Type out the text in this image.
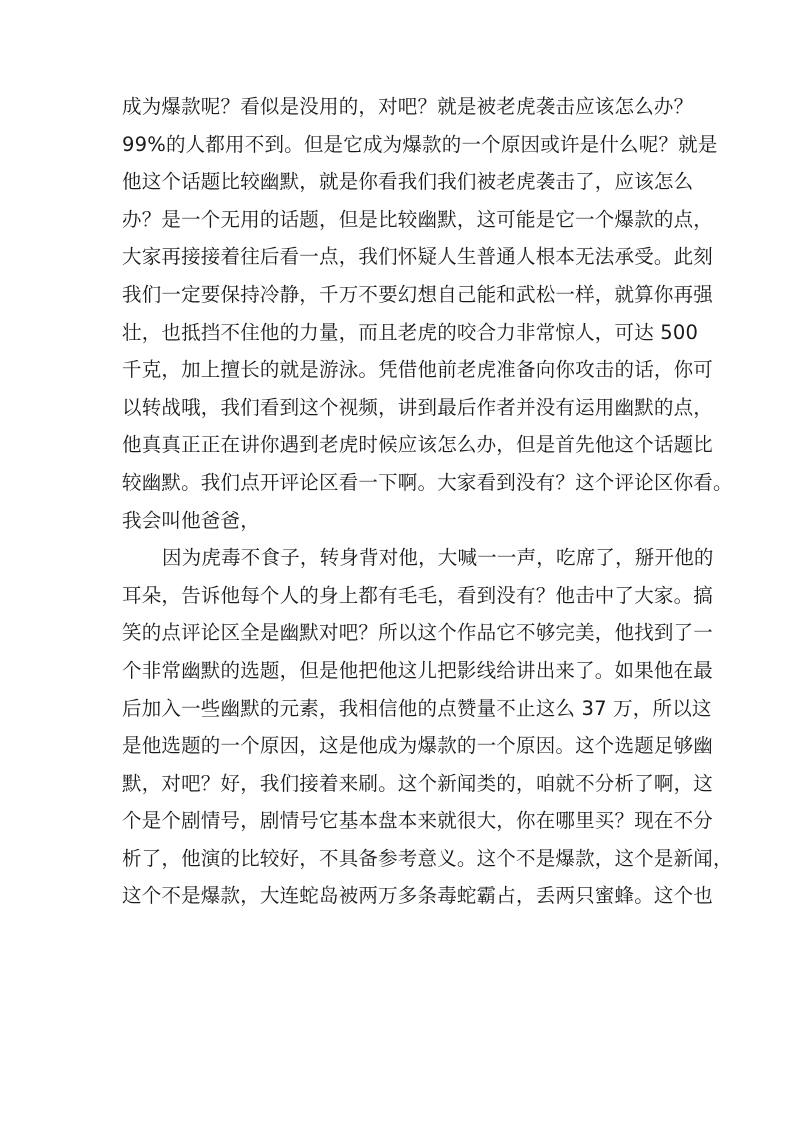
成为爆款呢？看似是没用的，对吧？就是被老虎袭击应该怎么办？
99%的人都用不到。但是它成为爆款的一个原因或许是什么呢？就是
他这个话题比较幽默，就是你看我们我们被老虎袭击了，应该怎么
办？是一个无用的话题，但是比较幽默，这可能是它一个爆款的点，
大家再接接着往后看一点，我们怀疑人生普通人根本无法承受。此刻
我们一定要保持冷静，千万不要幻想自己能和武松一样，就算你再强
壮，也抵挡不住他的力量，而且老虎的咬合力非常惊人，可达 500
千克，加上擅长的就是游泳。凭借他前老虎准备向你攻击的话，你可
以转战哦，我们看到这个视频，讲到最后作者并没有运用幽默的点，
他真真正正在讲你遇到老虎时候应该怎么办，但是首先他这个话题比
较幽默。我们点开评论区看一下啊。大家看到没有？这个评论区你看。
我会叫他爸爸，

因为虎毒不食子，转身背对他，大喊一一声，吃席了，掰开他的
耳朵，告诉他每个人的身上都有毛毛，看到没有？他击中了大家。搞
笑的点评论区全是幽默对吧？所以这个作品它不够完美，他找到了一
个非常幽默的选题，但是他把他这儿把影线给讲出来了。如果他在最
后加入一些幽默的元素，我相信他的点赞量不止这么 37 万，所以这
是他选题的一个原因，这是他成为爆款的一个原因。这个选题足够幽
默，对吧？好，我们接着来刷。这个新闻类的，咱就不分析了啊，这
个是个剧情号，剧情号它基本盘本来就很大，你在哪里买？现在不分
析了，他演的比较好，不具备参考意义。这个不是爆款，这个是新闻，
这个不是爆款，大连蛇岛被两万多条毒蛇霸占，丢两只蜜蜂。这个也
